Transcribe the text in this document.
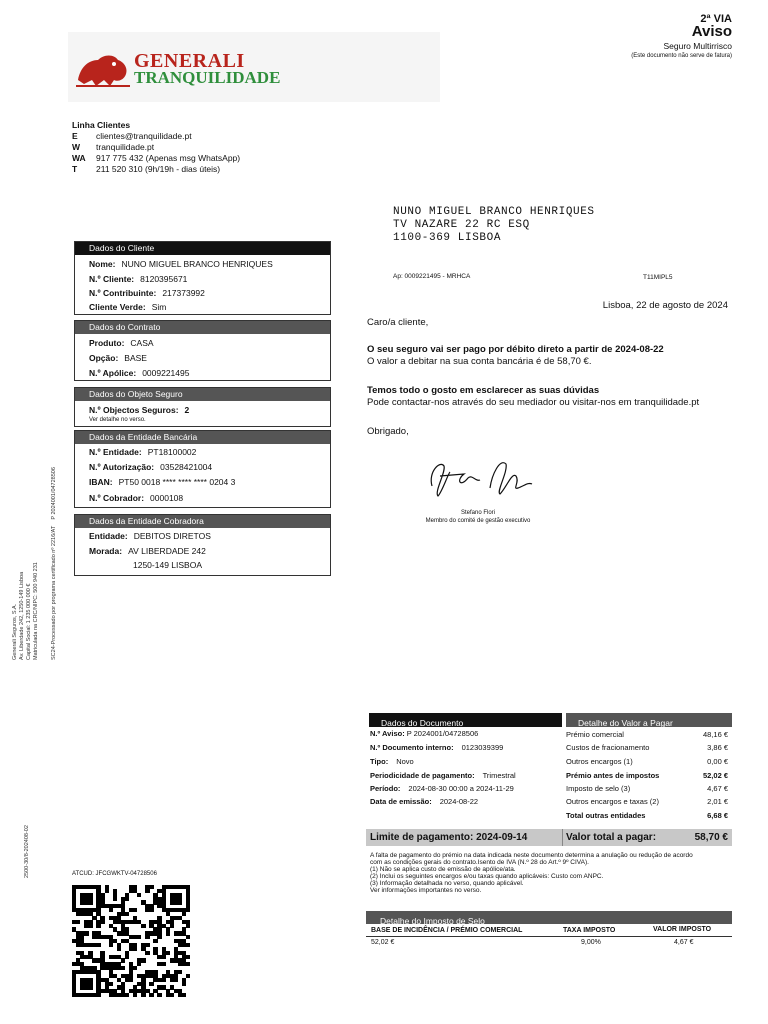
2ª VIA
Aviso
Seguro Multirrisco
(Este documento não serve de fatura)
GENERALI
TRANQUILIDADE
Linha Clientes
E clientes@tranquilidade.pt
W tranquilidade.pt
WA 917 775 432 (Apenas msg WhatsApp)
T 211 520 310 (9h/19h - dias úteis)
NUNO MIGUEL BRANCO HENRIQUES
TV NAZARE 22 RC ESQ
1100-369 LISBOA
Ap: 0009221495 - MRHCA	T11MIPL5
Generali Seguros, S.A. Av. Liberdade 242, 1250-149 Lisboa Capital Social: 1 235 000 000 € Matriculada na CRC/NIPC: 500 940 231 SC24-Processado por programa certificado nº 2216/AT    P 2024001/04728506
2500-30/8-202408-02
Dados do Cliente
Nome: NUNO MIGUEL BRANCO HENRIQUES
N.º Cliente: 8120395671
N.º Contribuinte: 217373992
Cliente Verde: Sim
Dados do Contrato
Produto: CASA
Opção: BASE
N.º Apólice: 0009221495
Dados do Objeto Seguro
N.º Objectos Seguros: 2
Ver detalhe no verso.
Dados da Entidade Bancária
N.º Entidade: PT18100002
N.º Autorização: 03528421004
IBAN: PT50 0018 **** **** **** 0204 3
N.º Cobrador: 0000108
Dados da Entidade Cobradora
Entidade: DEBITOS DIRETOS
Morada: AV LIBERDADE 242
1250-149 LISBOA
Lisboa, 22 de agosto de 2024
Caro/a cliente,
O seu seguro vai ser pago por débito direto a partir de 2024-08-22
O valor a debitar na sua conta bancária é de 58,70 €.
Temos todo o gosto em esclarecer as suas dúvidas
Pode contactar-nos através do seu mediador ou visitar-nos em tranquilidade.pt
Obrigado,
Stefano Flori
Membro do comité de gestão executivo
Dados do Documento	Detalhe do Valor a Pagar
N.º Aviso: P 2024001/04728506
N.º Documento interno: 0123039399
Tipo: Novo
Periodicidade de pagamento: Trimestral
Período: 2024-08-30 00:00 a 2024-11-29
Data de emissão: 2024-08-22
Prémio comercial	48,16 €
Custos de fracionamento	3,86 €
Outros encargos (1)	0,00 €
Prémio antes de impostos	52,02 €
Imposto de selo (3)	4,67 €
Outros encargos e taxas (2)	2,01 €
Total outras entidades	6,68 €
Limite de pagamento: 2024-09-14	Valor total a pagar:	58,70 €
A falta de pagamento do prémio na data indicada neste documento determina a anulação ou redução de acordo
com as condições gerais do contrato.Isento de IVA (N.º 28 do Art.º 9º CIVA).
(1) Não se aplica custo de emissão de apólice/ata.
(2) Inclui os seguintes encargos e/ou taxas quando aplicáveis: Custo com ANPC.
(3) Informação detalhada no verso, quando aplicável.
Ver informações importantes no verso.
ATCUD: JFCGWKTV-04728506
Detalhe do Imposto de Selo
BASE DE INCIDÊNCIA / PRÉMIO COMERCIAL	TAXA IMPOSTO	VALOR IMPOSTO
52,02 €	9,00%	4,67 €
